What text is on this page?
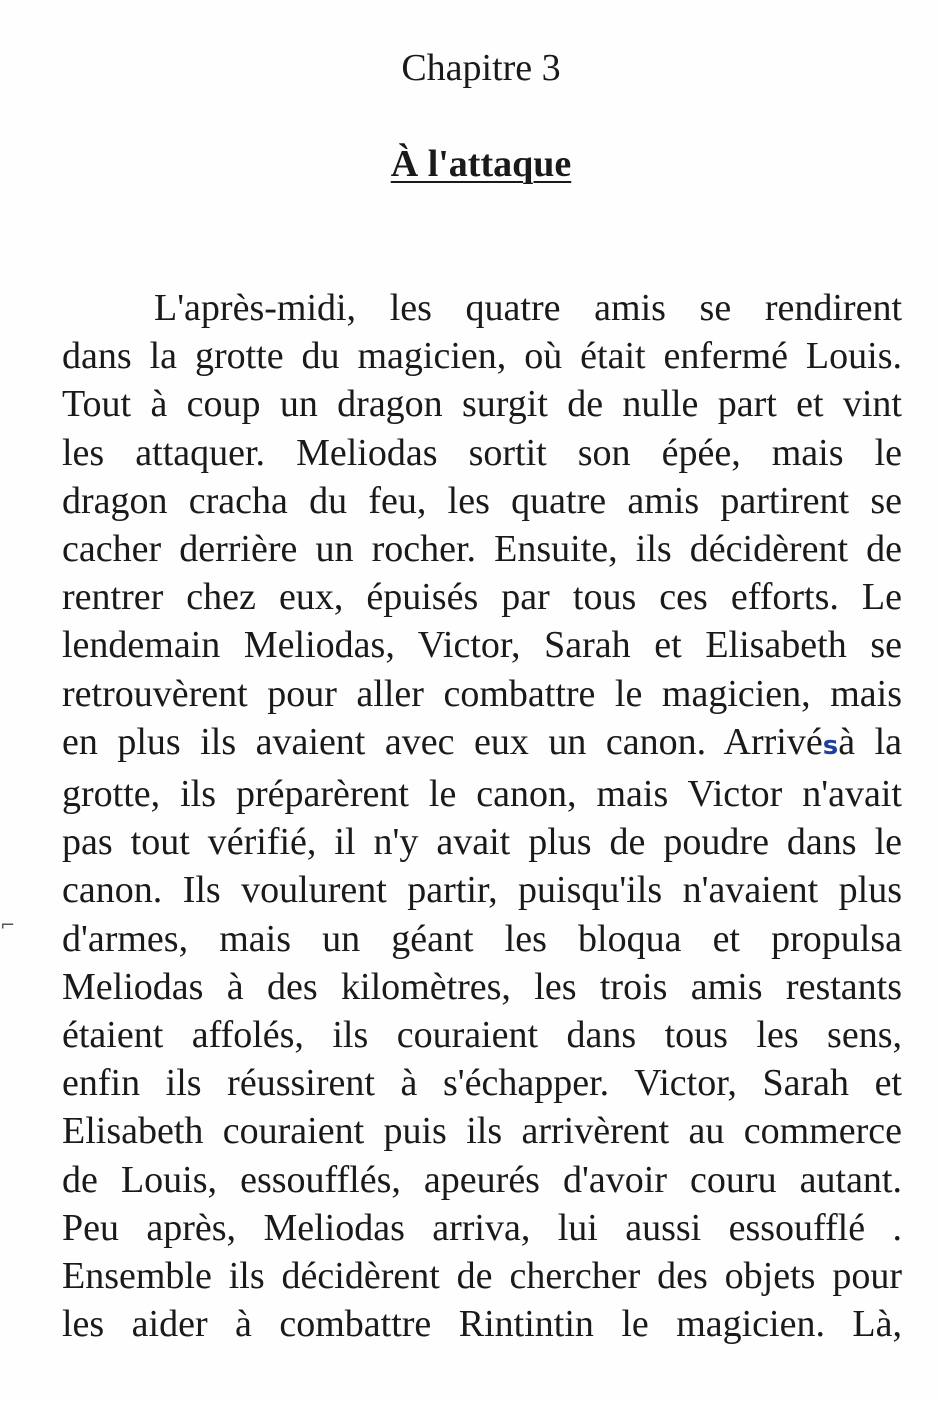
Chapitre 3
À l'attaque
L'après-midi, les quatre amis se rendirent
dans la grotte du magicien, où était enfermé Louis.
Tout à coup un dragon surgit de nulle part et vint
les attaquer. Meliodas sortit son épée, mais le
dragon cracha du feu, les quatre amis partirent se
cacher derrière un rocher. Ensuite, ils décidèrent de
rentrer chez eux, épuisés par tous ces efforts. Le
lendemain Meliodas, Victor, Sarah et Elisabeth se
retrouvèrent pour aller combattre le magicien, mais
en plus ils avaient avec eux un canon. Arrivésà la
grotte, ils préparèrent le canon, mais Victor n'avait
pas tout vérifié, il n'y avait plus de poudre dans le
canon. Ils voulurent partir, puisqu'ils n'avaient plus
d'armes, mais un géant les bloqua et propulsa
Meliodas à des kilomètres, les trois amis restants
étaient affolés, ils couraient dans tous les sens,
enfin ils réussirent à s'échapper. Victor, Sarah et
Elisabeth couraient puis ils arrivèrent au commerce
de Louis, essoufflés, apeurés d'avoir couru autant.
Peu après, Meliodas arriva, lui aussi essoufflé .
Ensemble ils décidèrent de chercher des objets pour
les aider à combattre Rintintin le magicien. Là,
⌐
